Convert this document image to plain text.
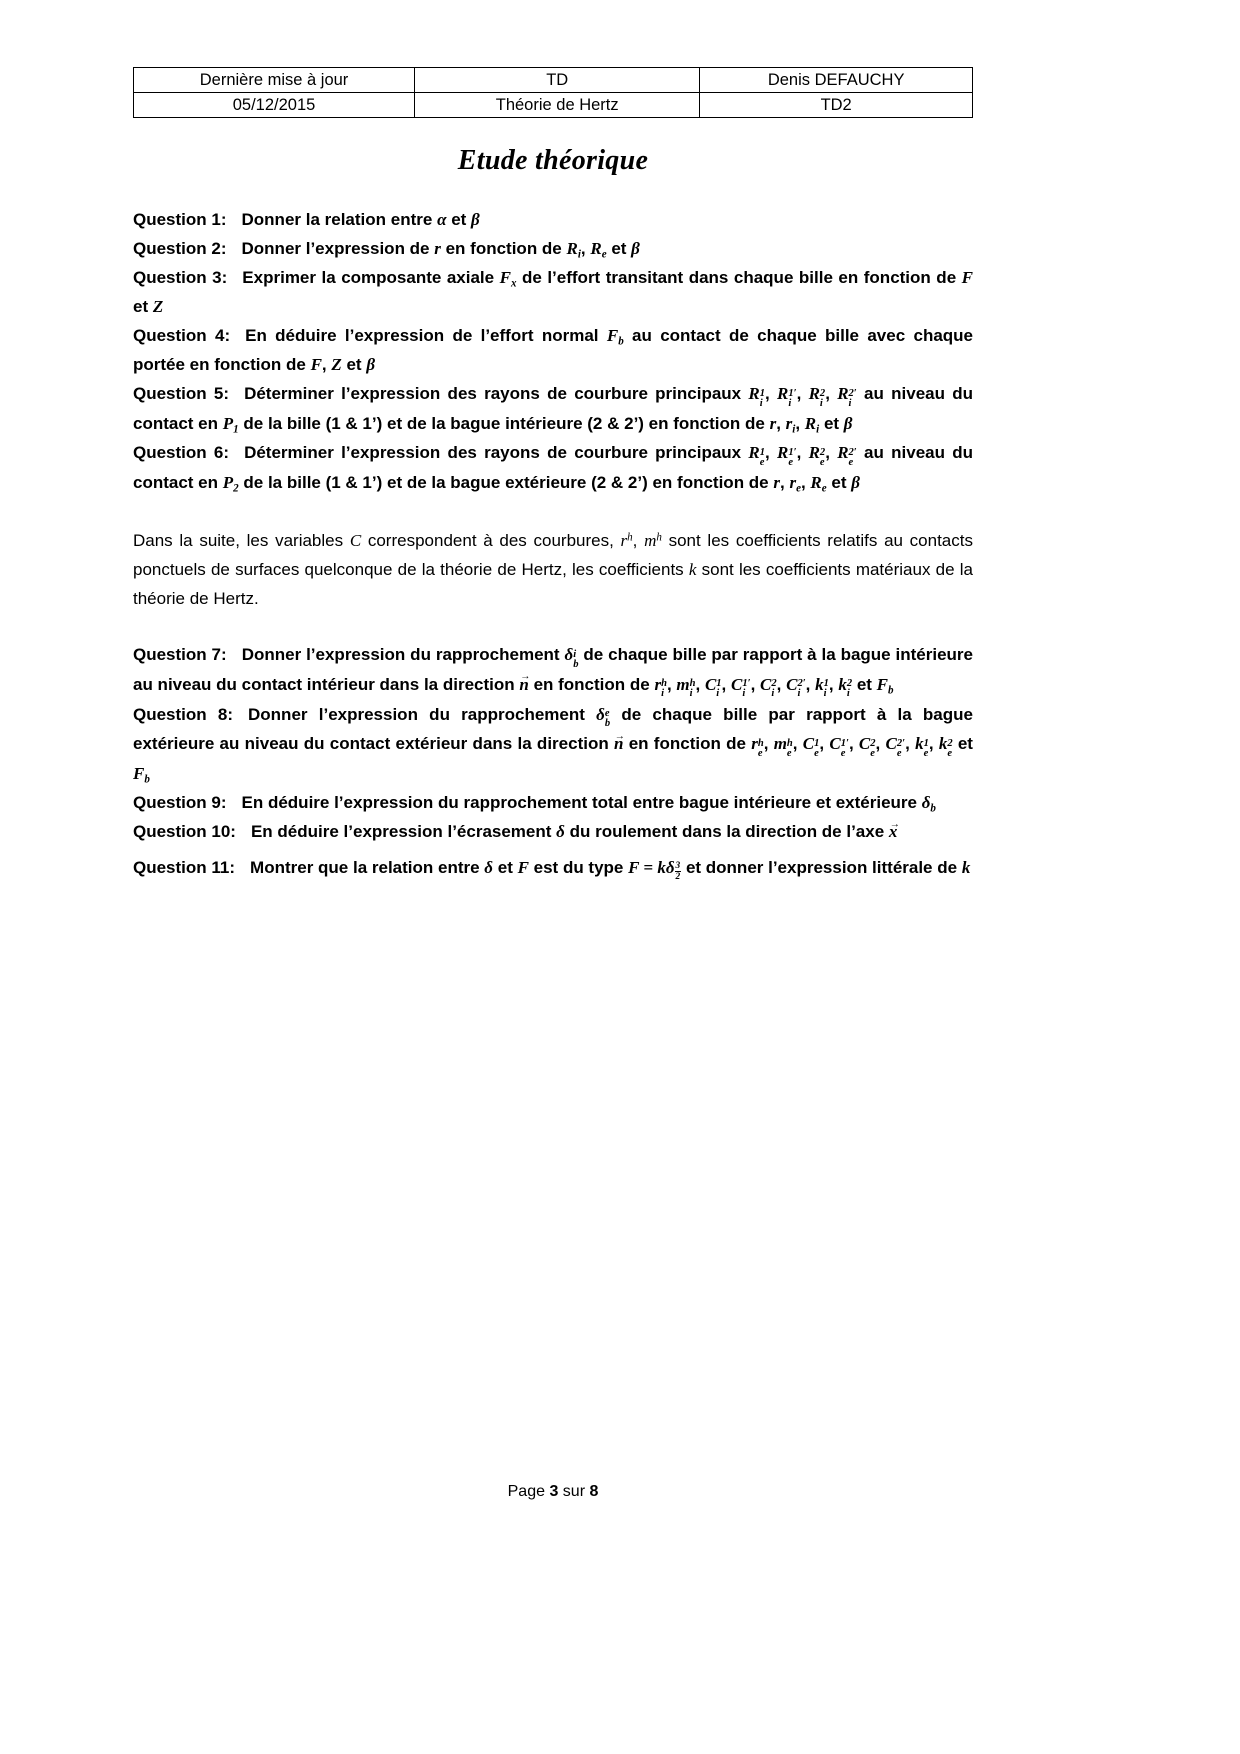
Dernière mise à jour	TD	Denis DEFAUCHY
05/12/2015	Théorie de Hertz	TD2
Etude théorique

Question 1: Donner la relation entre α et β

Question 2: Donner l’expression de r en fonction de $R_i$, $R_e$ et β

Question 3: Exprimer la composante axiale $F_x$ de l’effort transitant dans chaque bille en fonction de F et Z

Question 4: En déduire l’expression de l’effort normal $F_b$ au contact de chaque bille avec chaque portée en fonction de F, Z et β

Question 5: Déterminer l’expression des rayons de courbure principaux R 1
i
, R 1′
i
, R 2
i
, R 2′
i
au niveau du contact en $P_1$ de la bille (1 & 1’) et de la bague intérieure (2 & 2’) en fonction de r, $r_i$, $R_i$ et β

Question 6: Déterminer l’expression des rayons de courbure principaux R 1
e
, R 1′
e
, R 2
e
, R 2′
e
au niveau du contact en $P_2$ de la bille (1 & 1’) et de la bague extérieure (2 & 2’) en fonction de r, $r_e$, $R_e$ et β

Dans la suite, les variables C correspondent à des courbures, $r^h$, $m^h$ sont les coefficients relatifs au contacts ponctuels de surfaces quelconque de la théorie de Hertz, les coefficients k sont les coefficients matériaux de la théorie de Hertz.

Question 7: Donner l’expression du rapprochement δ i
b
de chaque bille par rapport à la bague intérieure au niveau du contact intérieur dans la direction n → en fonction de r h
i
, m h
i
, C 1
i
, C 1′
i
, C 2
i
, C 2′
i
, k 1
i
, k 2
i
et $F_b$

Question 8: Donner l’expression du rapprochement δ e
b
de chaque bille par rapport à la bague extérieure au niveau du contact extérieur dans la direction n → en fonction de r h
e
, m h
e
, C 1
e
, C 1′
e
, C 2
e
, C 2′
e
, k 1
e
, k 2
e
et $F_b$

Question 9: En déduire l’expression du rapprochement total entre bague intérieure et extérieure $\delta_b$

Question 10: En déduire l’expression l’écrasement δ du roulement dans la direction de l’axe x →

Question 11: Montrer que la relation entre δ et F est du type F = kδ $\frac{3}{2}$ et donner l’expression littérale de k

Page 3 sur 8
